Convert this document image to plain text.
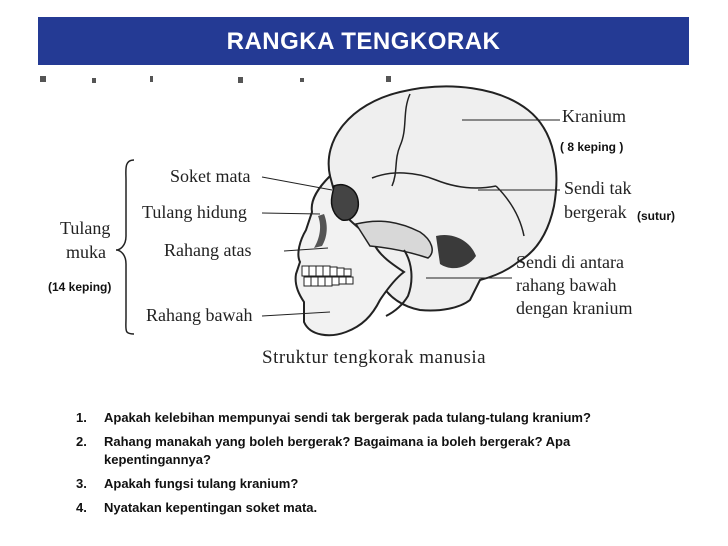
RANGKA TENGKORAK
Kranium
( 8 keping )
Sendi tak
bergerak (sutur)
Sendi di antara
rahang bawah
dengan kranium
Soket mata
Tulang hidung
Rahang atas
Rahang bawah
Tulang
muka
(14 keping)
Struktur tengkorak manusia
1. Apakah kelebihan mempunyai sendi tak bergerak pada tulang-tulang kranium?
2. Rahang manakah yang boleh bergerak? Bagaimana ia boleh bergerak? Apa kepentingannya?
3. Apakah fungsi tulang kranium?
4. Nyatakan kepentingan soket mata.
